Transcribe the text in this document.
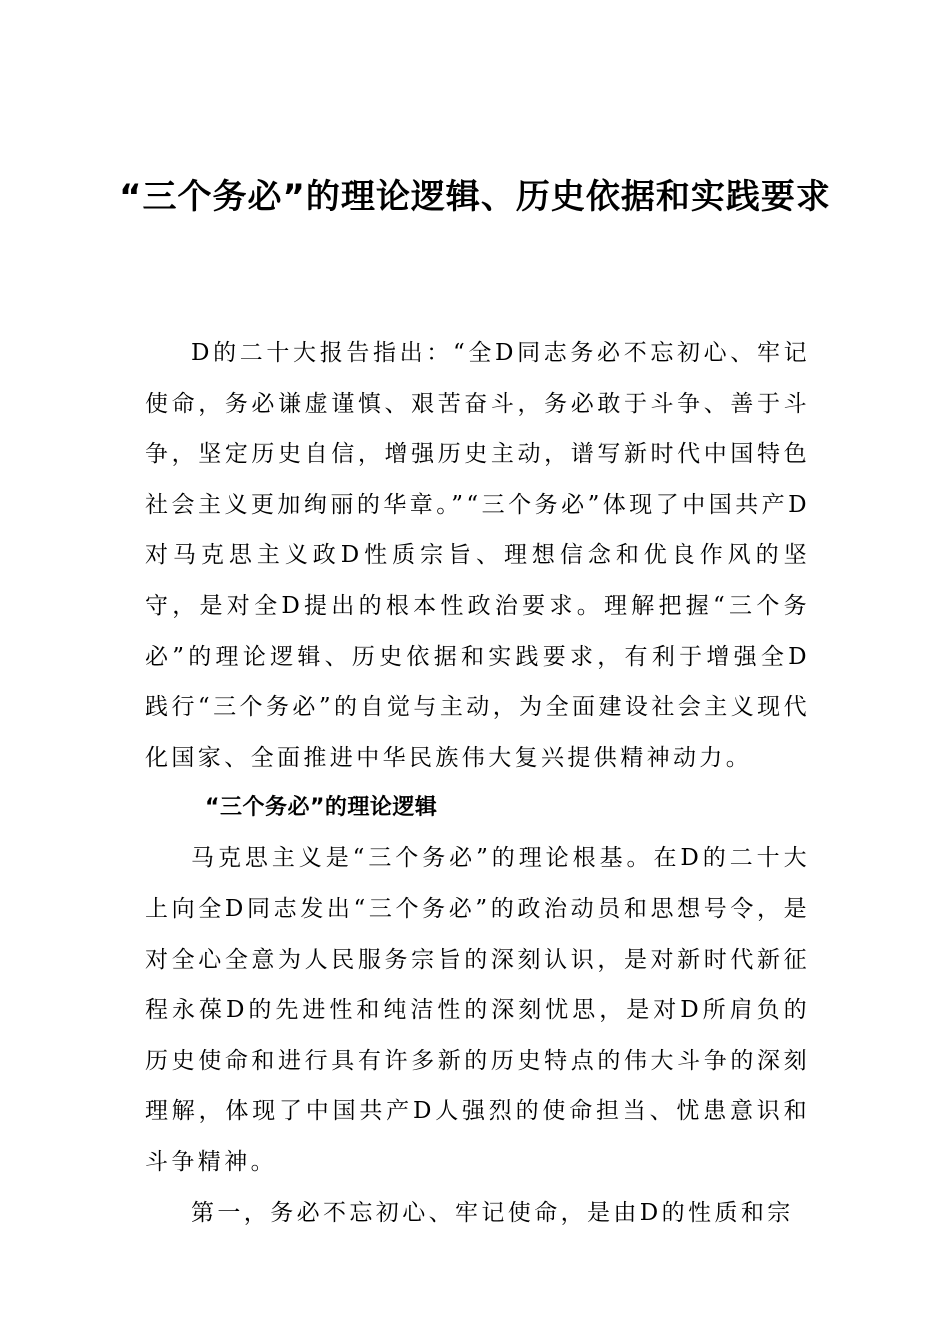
“三个务必”的理论逻辑、历史依据和实践要求

D的二十大报告指出：“全D同志务必不忘初心、牢记使命，务必谦虚谨慎、艰苦奋斗，务必敢于斗争、善于斗争，坚定历史自信，增强历史主动，谱写新时代中国特色社会主义更加绚丽的华章。”“三个务必”体现了中国共产D对马克思主义政D性质宗旨、理想信念和优良作风的坚守，是对全D提出的根本性政治要求。理解把握“三个务必”的理论逻辑、历史依据和实践要求，有利于增强全D践行“三个务必”的自觉与主动，为全面建设社会主义现代化国家、全面推进中华民族伟大复兴提供精神动力。

“三个务必”的理论逻辑

马克思主义是“三个务必”的理论根基。在D的二十大上向全D同志发出“三个务必”的政治动员和思想号令，是对全心全意为人民服务宗旨的深刻认识，是对新时代新征程永葆D的先进性和纯洁性的深刻忧思，是对D所肩负的历史使命和进行具有许多新的历史特点的伟大斗争的深刻理解，体现了中国共产D人强烈的使命担当、忧患意识和斗争精神。

第一，务必不忘初心、牢记使命，是由D的性质和宗
